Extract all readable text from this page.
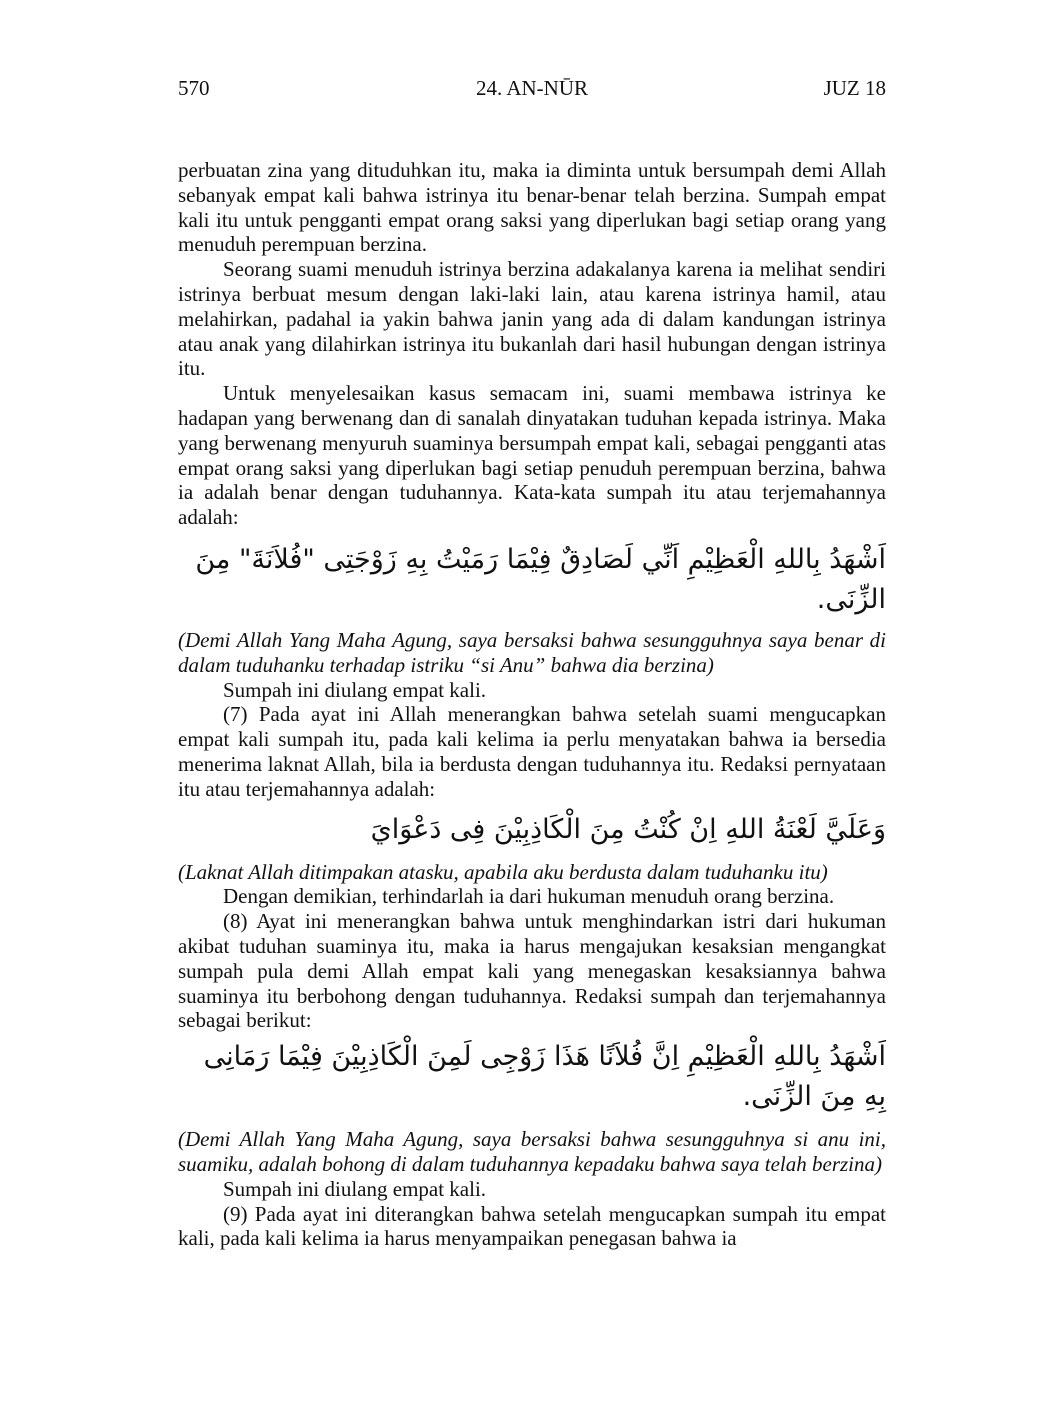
570	24. AN-NŪR	JUZ 18

perbuatan zina yang dituduhkan itu, maka ia diminta untuk bersumpah demi Allah sebanyak empat kali bahwa istrinya itu benar-benar telah berzina. Sumpah empat kali itu untuk pengganti empat orang saksi yang diperlukan bagi setiap orang yang menuduh perempuan berzina.

Seorang suami menuduh istrinya berzina adakalanya karena ia melihat sendiri istrinya berbuat mesum dengan laki-laki lain, atau karena istrinya hamil, atau melahirkan, padahal ia yakin bahwa janin yang ada di dalam kandungan istrinya atau anak yang dilahirkan istrinya itu bukanlah dari hasil hubungan dengan istrinya itu.

Untuk menyelesaikan kasus semacam ini, suami membawa istrinya ke hadapan yang berwenang dan di sanalah dinyatakan tuduhan kepada istrinya. Maka yang berwenang menyuruh suaminya bersumpah empat kali, sebagai pengganti atas empat orang saksi yang diperlukan bagi setiap penuduh perempuan berzina, bahwa ia adalah benar dengan tuduhannya. Kata-kata sumpah itu atau terjemahannya adalah:

اَشْهَدُ بِاللهِ الْعَظِيْمِ اَنِّي لَصَادِقٌ فِيْمَا رَمَيْتُ بِهِ زَوْجَتِى "فُلاَنَةَ" مِنَ الزِّنَى.

(Demi Allah Yang Maha Agung, saya bersaksi bahwa sesungguhnya saya benar di dalam tuduhanku terhadap istriku “si Anu” bahwa dia berzina)

Sumpah ini diulang empat kali.

(7) Pada ayat ini Allah menerangkan bahwa setelah suami mengucapkan empat kali sumpah itu, pada kali kelima ia perlu menyatakan bahwa ia bersedia menerima laknat Allah, bila ia berdusta dengan tuduhannya itu. Redaksi pernyataan itu atau terjemahannya adalah:

وَعَلَيَّ لَعْنَةُ اللهِ اِنْ كُنْتُ مِنَ الْكَاذِبِيْنَ فِى دَعْوَايَ

(Laknat Allah ditimpakan atasku, apabila aku berdusta dalam tuduhanku itu)

Dengan demikian, terhindarlah ia dari hukuman menuduh orang berzina.

(8) Ayat ini menerangkan bahwa untuk menghindarkan istri dari hukuman akibat tuduhan suaminya itu, maka ia harus mengajukan kesaksian mengangkat sumpah pula demi Allah empat kali yang menegaskan kesaksiannya bahwa suaminya itu berbohong dengan tuduhannya. Redaksi sumpah dan terjemahannya sebagai berikut:

اَشْهَدُ بِاللهِ الْعَظِيْمِ اِنَّ فُلاَنًا هَذَا زَوْجِى لَمِنَ الْكَاذِبِيْنَ فِيْمَا رَمَانِى بِهِ مِنَ الزِّنَى.

(Demi Allah Yang Maha Agung, saya bersaksi bahwa sesungguhnya si anu ini, suamiku, adalah bohong di dalam tuduhannya kepadaku bahwa saya telah berzina)

Sumpah ini diulang empat kali.

(9) Pada ayat ini diterangkan bahwa setelah mengucapkan sumpah itu empat kali, pada kali kelima ia harus menyampaikan penegasan bahwa ia
